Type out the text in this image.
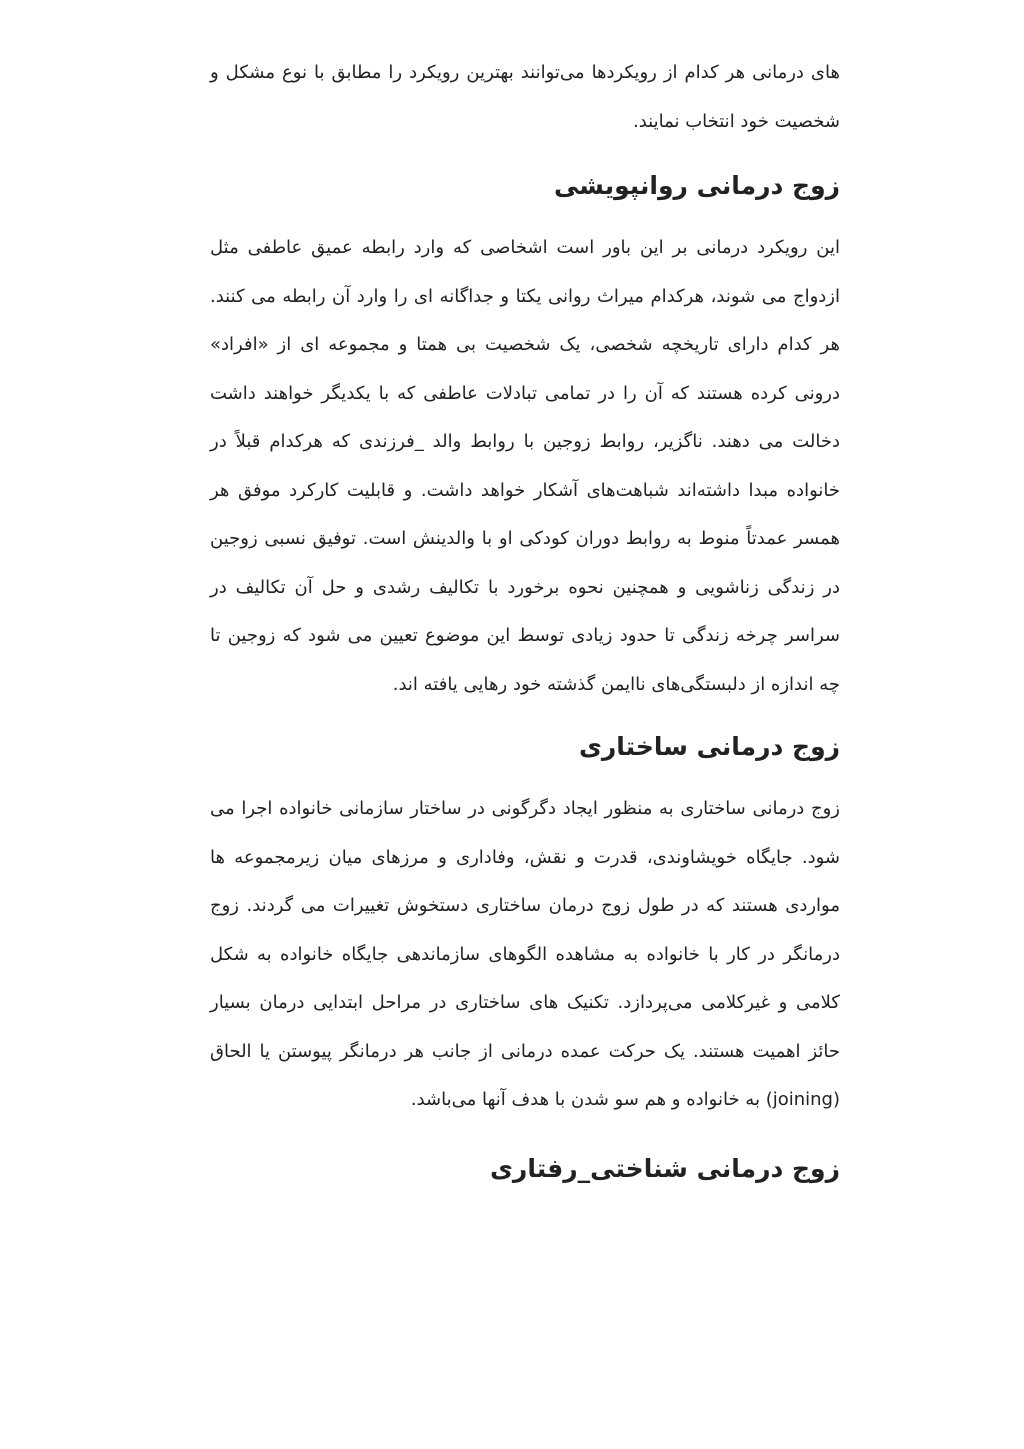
های درمانی هر کدام از رویکردها می‌توانند بهترین رویکرد را مطابق با نوع مشکل و شخصیت خود انتخاب نمایند.

زوج درمانی روانپویشی

این رویکرد درمانی بر این باور است اشخاصی که وارد رابطه عمیق عاطفی مثل ازدواج می شوند، هرکدام میراث روانی یکتا و جداگانه ای را وارد آن رابطه می کنند. هر کدام دارای تاریخچه شخصی، یک شخصیت بی همتا و مجموعه ای از «افراد» درونی کرده هستند که آن را در تمامی تبادلات عاطفی که با یکدیگر خواهند داشت دخالت می دهند. ناگزیر، روابط زوجین با روابط والد _فرزندی که هرکدام قبلاً در خانواده مبدا داشته‌اند شباهت‌های آشکار خواهد داشت. و قابلیت کارکرد موفق هر همسر عمدتاً منوط به روابط دوران کودکی او با والدینش است. توفیق نسبی زوجین در زندگی زناشویی و همچنین نحوه برخورد با تکالیف رشدی و حل آن تکالیف در سراسر چرخه زندگی تا حدود زیادی توسط این موضوع تعیین می شود که زوجین تا چه اندازه از دلبستگی‌های ناایمن گذشته خود رهایی یافته اند.

زوج درمانی ساختاری

زوج درمانی ساختاری به منظور ایجاد دگرگونی در ساختار سازمانی خانواده اجرا می شود. جایگاه خویشاوندی، قدرت و نقش، وفاداری و مرزهای میان زیرمجموعه ها مواردی هستند که در طول زوج درمان ساختاری دستخوش تغییرات می گردند. زوج درمانگر در کار با خانواده به مشاهده الگوهای سازماندهی جایگاه خانواده به شکل کلامی و غیرکلامی می‌پردازد. تکنیک های ساختاری در مراحل ابتدایی درمان بسیار حائز اهمیت هستند. یک حرکت عمده درمانی از جانب هر درمانگر پیوستن یا الحاق (joining) به خانواده و هم سو شدن با هدف آنها می‌باشد.

زوج درمانی شناختی_رفتاری
